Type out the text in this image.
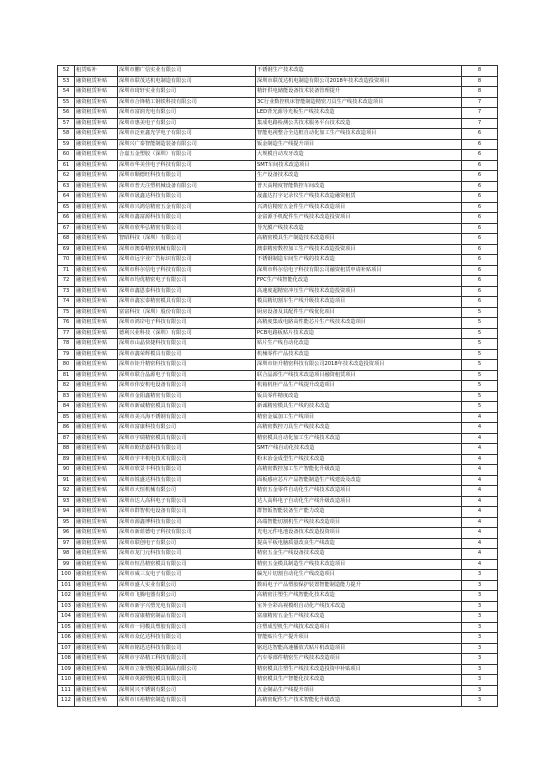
52	租赁贴补	深圳市鹏广信实业有限公司	不锈钢生产技术改造	8
53	融资租赁补贴	深圳市联茂达机电制造有限公司	深圳市联茂达机电制造有限公司2018年技术改造投资项目	8
54	融资租赁补贴	深圳市琦轩实业有限公司	精轩供电储能设备技术装备管理提升	8
55	融资租赁补贴	深圳市合锋精工钢铁科技有限公司	3C行业数控机床智能制造精密刀具生产线技术改造项目	7
56	融资租赁补贴	深圳市富润光电有限公司	LED背光源导光板生产线技术改造	7
57	融资租赁补贴	深圳市惠美电子有限公司	集成电路检测公共技术服务平台技术改造	7
58	融资租赁补贴	深圳市泛亚鑫光学电子有限公司	智能电视整合全边框自动化加工生产线技术改造项目	6
59	融资租赁补贴	深圳兴广泰智能制造装备有限公司	钣金制造生产线提升项目	6
60	融资租赁补贴	合嘉五金塑胶（深圳）有限公司	大规模自动攻牙改造	6
61	融资租赁补贴	深圳市华美佳电子科技有限公司	SMT车间技术改造项目	6
62	融资租赁补贴	深圳市顺德旺科技有限公司	生产设备技术改造	6
63	融资租赁补贴	深圳市普天注塑机械设备有限公司	普天高精度智能数控车间改造	6
64	融资租赁补贴	深圳市晟鑫达科技有限公司	晟鑫达打字记录仪生产线技术改造融资租赁	6
65	融资租赁补贴	深圳市兴鸿信精密五金有限公司	兴鸿信精密五金件生产线技术改造项目	6
66	融资租赁补贴	深圳市鑫富源科技有限公司	金富源手机配件生产线技术改造投资项目	6
67	融资租赁补贴	深圳市欣华弘精密有限公司	导光膜产线技术改造	6
68	融资租赁补贴	智昭科技（深圳）有限公司	高精密模具生产制造技术改造项目	6
69	融资租赁补贴	深圳市澳泰精密机械有限公司	澳泰精密数控加工生产线技术改造投资项目	6
70	融资租赁补贴	深圳市远宇业广告标识有限公司	不锈钢制造车间生产线的技术改造	6
71	融资租赁补贴	深圳市科尔信电子科技有限公司	深圳市科尔信电子科技有限公司融资租赁申请补贴项目	6
72	融资租赁补贴	深圳市均优精密电子有限公司	FPC生产线智能化改造	6
73	融资租赁补贴	深圳市鑫恩泰科技有限公司	高速度超精密冲压生产线技术改造投资项目	6
74	融资租赁补贴	深圳市鑫宏泰精密模具有限公司	模具精切割车生产线升级技术改造项目	6
75	融资租赁补贴	富富科技（深圳）股份有限公司	厨房设备及其配件生产线优化项目	5
76	融资租赁补贴	深圳市鸿岸电子科技有限公司	高精度集成电路高性能芯片生产线技术改造项目	5
77	融资租赁补贴	德利兴业科技（深圳）有限公司	PCB电路板贴片技术改造	5
78	融资租赁补贴	深圳市山晶快捷科技有限公司	贴片生产线自动化改造	5
79	融资租赁补贴	深圳市鑫荣辉模具有限公司	机械零件产品技术改造	5
80	融资租赁补贴	深圳市钜升精密科技有限公司	深圳市钜升精密科技有限公司2018年技术改造投资项目	5
81	融资租赁补贴	深圳市联合晶源电子有限公司	联合晶源生产线技术改造项目融资租赁项目	5
82	融资租赁补贴	深圳市伟安机电设备有限公司	机箱机柜产品生产线提升改造项目	5
83	融资租赁补贴	深圳市金阳鑫精密有限公司	钣具零件精度改造	5
84	融资租赁补贴	深圳市新诚精密模具有限公司	新诚精密模具生产线的技术改造	5
85	融资租赁补贴	深圳市美兴海不锈钢有限公司	精密金属加工生产线项目	4
86	融资租赁补贴	深圳市富康科技有限公司	高精密数控刀具生产线技术改造	4
87	融资租赁补贴	深圳市宇瑞精密模具有限公司	精密模具自动化加工生产线技术改造	4
88	融资租赁补贴	深圳市欧诺嘉科技有限公司	SMT产线自动化技术改造	4
89	融资租赁补贴	深圳市宇丰机电技术有限公司	粉末冶金成型生产线技术改造	4
90	融资租赁补贴	深圳市欣景丰科技有限公司	高精密数控加工生产智能化升级改造	4
91	融资租赁补贴	深圳市锐盛达科技有限公司	面板感应芯片产品智能制造生产线建设及改造	4
92	融资租赁补贴	深圳市大恒机械有限公司	精密五金零件自动化生产线技术改造项目	4
93	融资租赁补贴	深圳市达人高科电子有限公司	达人高科电子自动化生产线升级改造项目	4
94	融资租赁补贴	深圳市群智机电设备有限公司	群智钣智能装备生产能力改造	4
95	融资租赁补贴	深圳市源鑫博科技有限公司	高端智能切割机生产线技术改造项目	4
96	融资租赁补贴	深圳市新蓝德电子科技有限公司	光电元件电池设备技术改造投资项目	4
97	融资租赁补贴	深圳市联创电子有限公司	提高平板电脑质量改良生产线改造	4
98	融资租赁补贴	深圳市龙门元科技有限公司	精密五金生产线设备技术改造	4
99	融资租赁补贴	深圳市恒昌精密模具有限公司	精密五金模具制造生产线技术改造项目	4
100	融资租赁补贴	深圳市威三友电子有限公司	偏光片切割自动化生产线改造项目	3
101	融资租赁补贴	深圳市盛人实业有限公司	数码电子产品塑胶保护装置智能制造能力提升	3
102	融资租赁补贴	深圳市飞腾电器有限公司	高精密注塑生产线智能化技术改造	3
103	融资租赁补贴	深圳市新宇兴塑光电有限公司	室外全彩高视模组自动化产线技术改造	3
104	融资租赁补贴	深圳市富康精密制品有限公司	富康精密五金生产线技术改造	3
105	融资租赁补贴	深圳市一同模具塑胶有限公司	注塑成型机生产线技术改造项目	3
106	融资租赁补贴	深圳市众亿达科技有限公司	智能贴片生产提升项目	3
107	融资租赁补贴	深圳市铭迅达科技有限公司	铭迅达智能高速播放式贴片机改造项目	3
108	融资租赁补贴	深圳市宇昂精工科技有限公司	汽车零部件精密生产线技术改造项目	3
109	融资租赁补贴	深圳市立象塑胶模具制品有限公司	精密模具注塑生产线技术改造投资申补贴项目	3
110	融资租赁补贴	深圳市英源塑胶模具有限公司	精密模具生产智能化技术改造	3
111	融资租赁补贴	深圳同兴不锈钢有限公司	五金制品生产线提升项目	3
112	融资租赁补贴	深圳市川裕精密制造有限公司	高精密配件生产技术智能化升级改造	3
